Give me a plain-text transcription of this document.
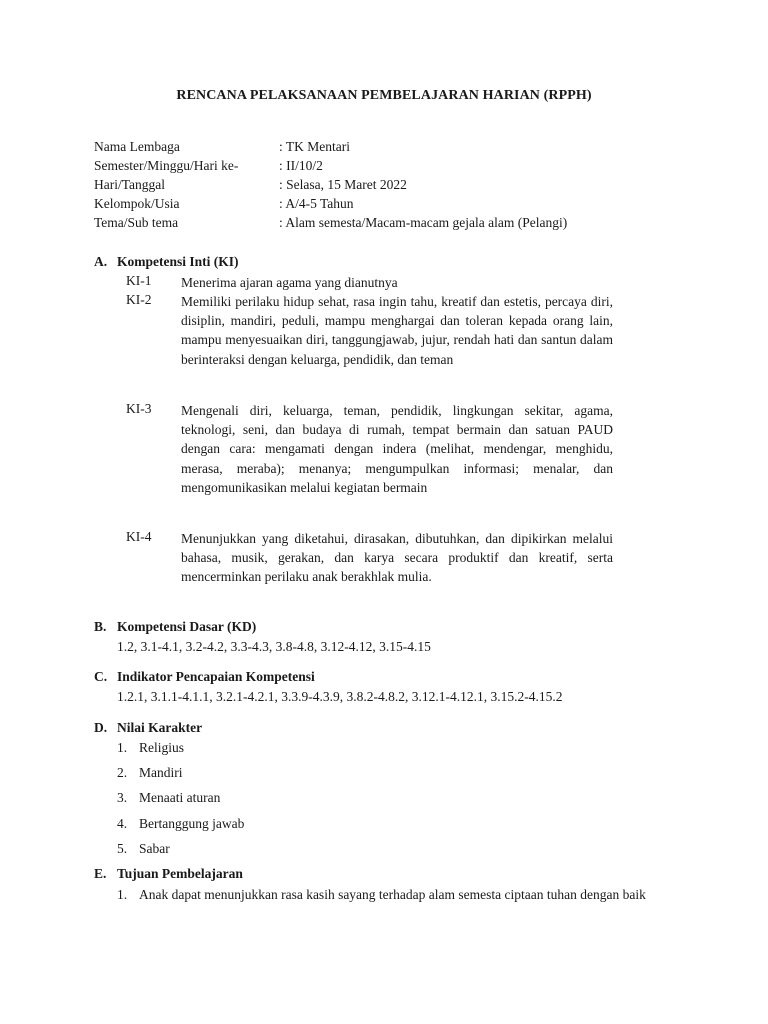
RENCANA PELAKSANAAN PEMBELAJARAN HARIAN (RPPH)
Nama Lembaga	: TK Mentari
Semester/Minggu/Hari ke-	: II/10/2
Hari/Tanggal	: Selasa, 15 Maret 2022
Kelompok/Usia	: A/4-5 Tahun
Tema/Sub tema	: Alam semesta/Macam-macam gejala alam (Pelangi)
A. Kompetensi Inti (KI)
KI-1 Menerima ajaran agama yang dianutnya
KI-2 Memiliki perilaku hidup sehat, rasa ingin tahu, kreatif dan estetis, percaya diri, disiplin, mandiri, peduli, mampu menghargai dan toleran kepada orang lain, mampu menyesuaikan diri, tanggungjawab, jujur, rendah hati dan santun dalam berinteraksi dengan keluarga, pendidik, dan teman
KI-3 Mengenali diri, keluarga, teman, pendidik, lingkungan sekitar, agama, teknologi, seni, dan budaya di rumah, tempat bermain dan satuan PAUD dengan cara: mengamati dengan indera (melihat, mendengar, menghidu, merasa, meraba); menanya; mengumpulkan informasi; menalar, dan mengomunikasikan melalui kegiatan bermain
KI-4 Menunjukkan yang diketahui, dirasakan, dibutuhkan, dan dipikirkan melalui bahasa, musik, gerakan, dan karya secara produktif dan kreatif, serta mencerminkan perilaku anak berakhlak mulia.
B. Kompetensi Dasar (KD)
1.2, 3.1-4.1, 3.2-4.2, 3.3-4.3, 3.8-4.8, 3.12-4.12, 3.15-4.15
C. Indikator Pencapaian Kompetensi
1.2.1, 3.1.1-4.1.1, 3.2.1-4.2.1, 3.3.9-4.3.9, 3.8.2-4.8.2, 3.12.1-4.12.1, 3.15.2-4.15.2
D. Nilai Karakter
1. Religius
2. Mandiri
3. Menaati aturan
4. Bertanggung jawab
5. Sabar
E. Tujuan Pembelajaran
1. Anak dapat menunjukkan rasa kasih sayang terhadap alam semesta ciptaan tuhan dengan baik
